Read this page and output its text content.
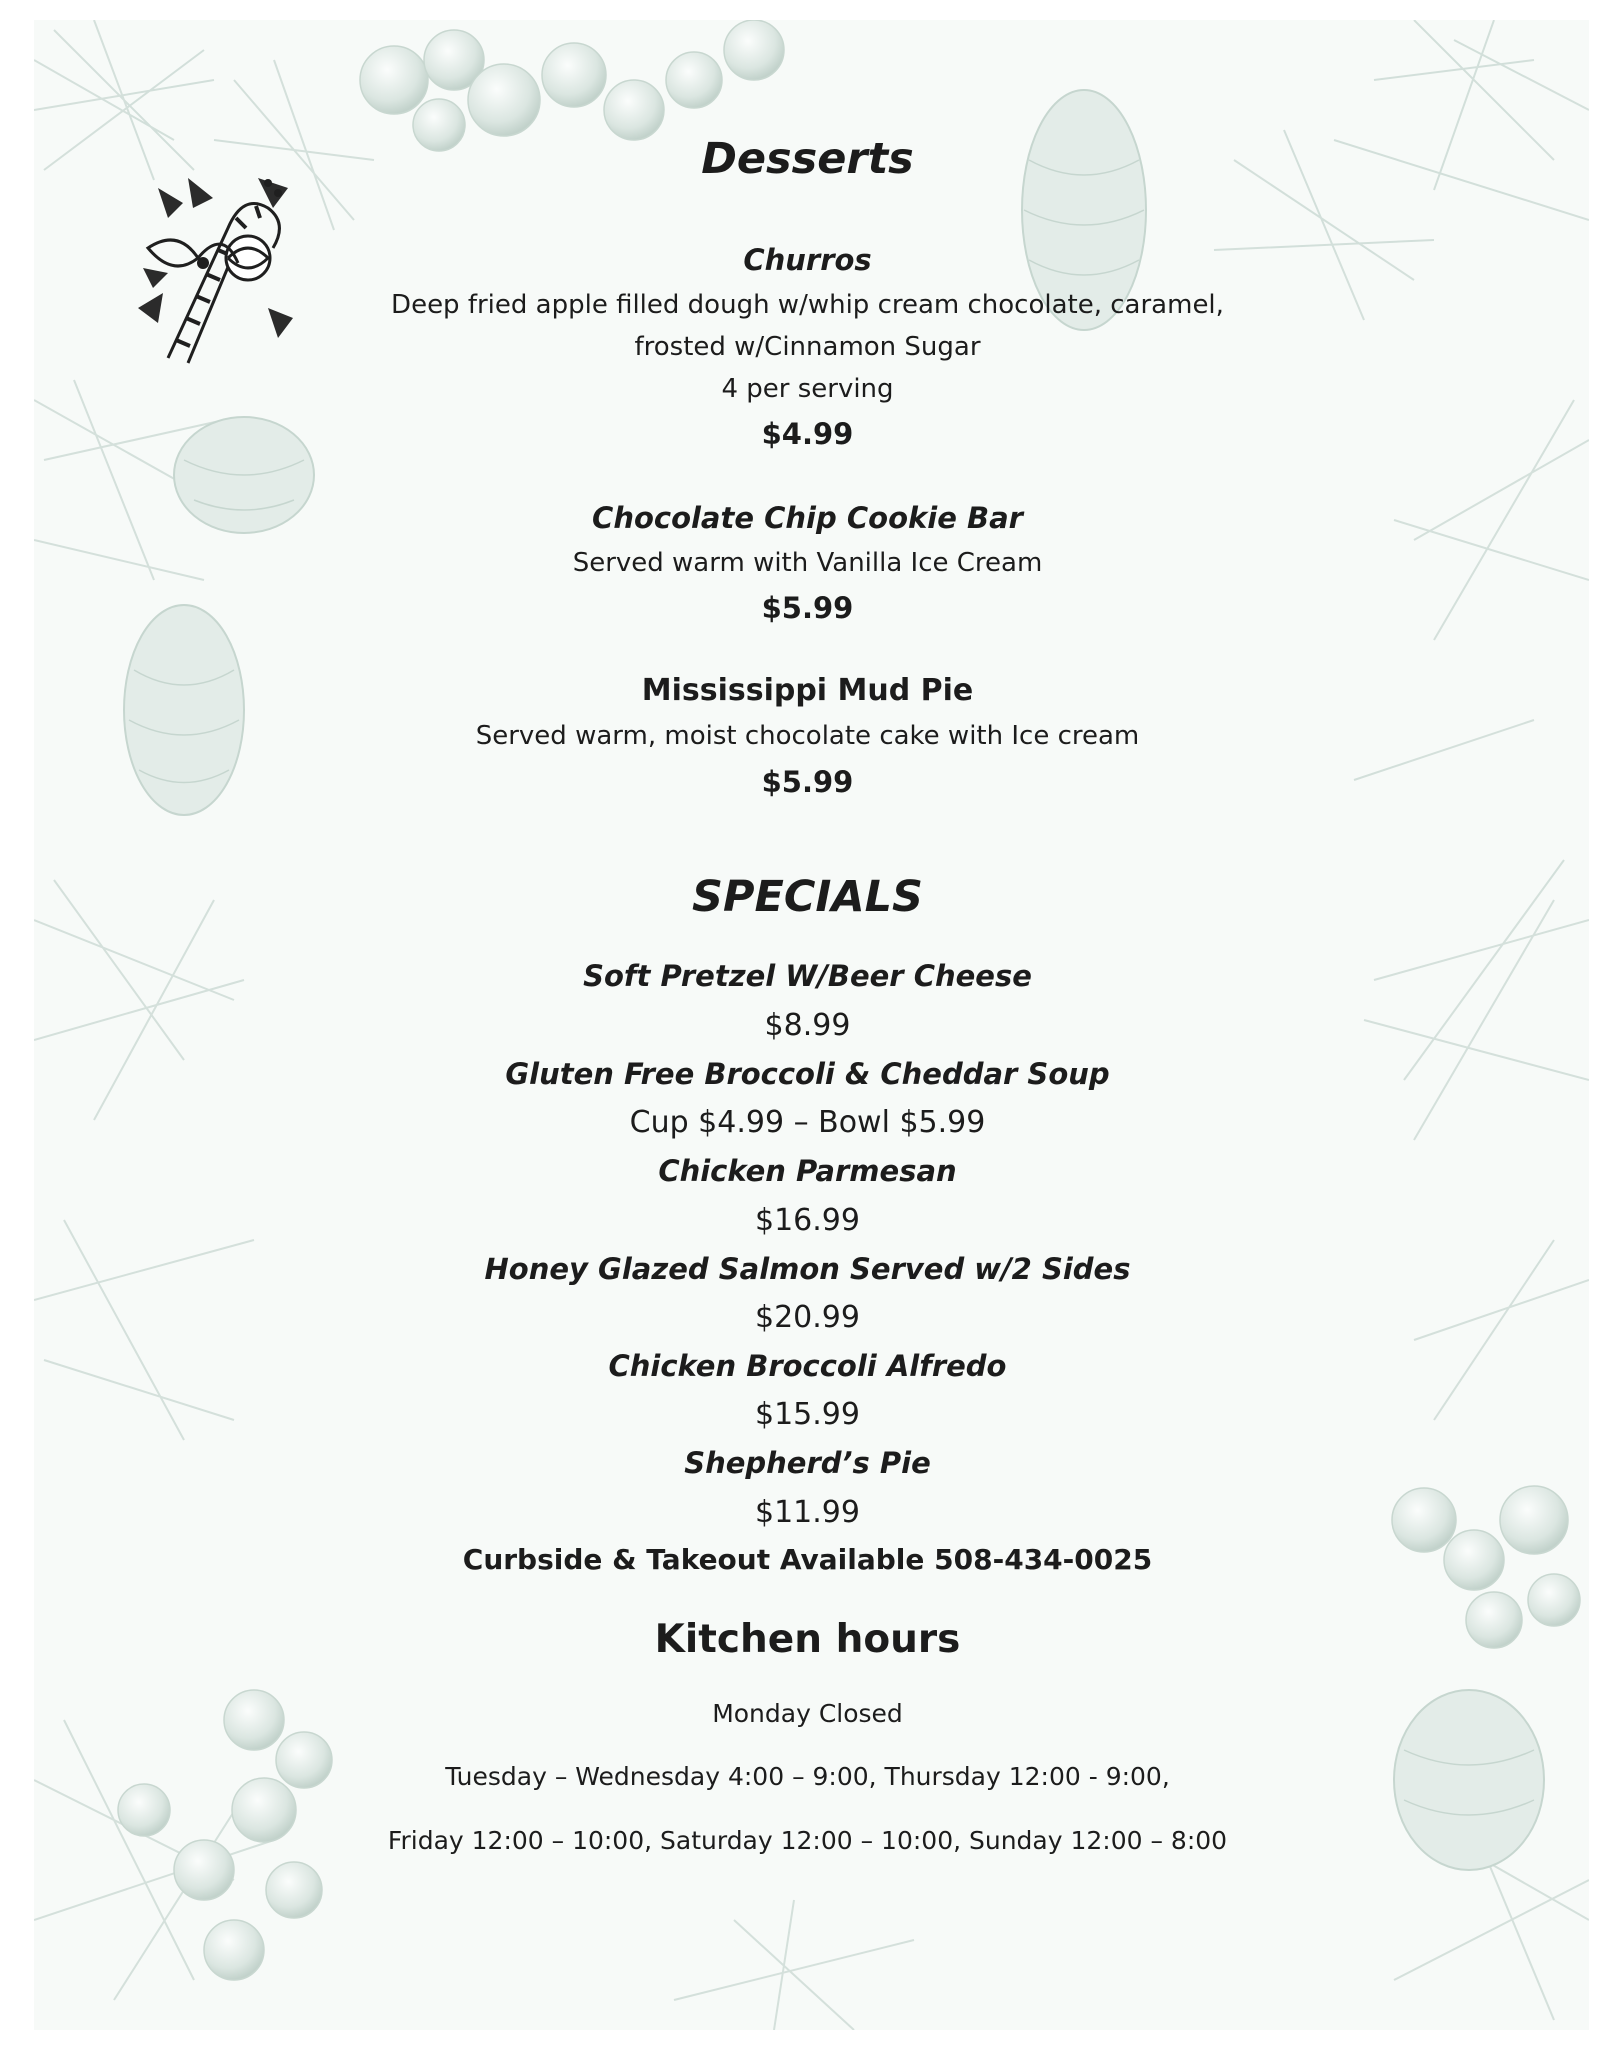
Desserts
Churros
Deep fried apple filled dough w/whip cream chocolate, caramel,
frosted w/Cinnamon Sugar
4 per serving
$4.99
Chocolate Chip Cookie Bar
Served warm with Vanilla Ice Cream
$5.99
Mississippi Mud Pie
Served warm, moist chocolate cake with Ice cream
$5.99
SPECIALS
Soft Pretzel W/Beer Cheese
$8.99
Gluten Free Broccoli & Cheddar Soup
Cup $4.99 – Bowl $5.99
Chicken Parmesan
$16.99
Honey Glazed Salmon Served w/2 Sides
$20.99
Chicken Broccoli Alfredo
$15.99
Shepherd’s Pie
$11.99
Curbside & Takeout Available 508-434-0025
Kitchen hours
Monday Closed
Tuesday – Wednesday 4:00 – 9:00, Thursday 12:00 - 9:00,
Friday 12:00 – 10:00, Saturday 12:00 – 10:00, Sunday 12:00 – 8:00
